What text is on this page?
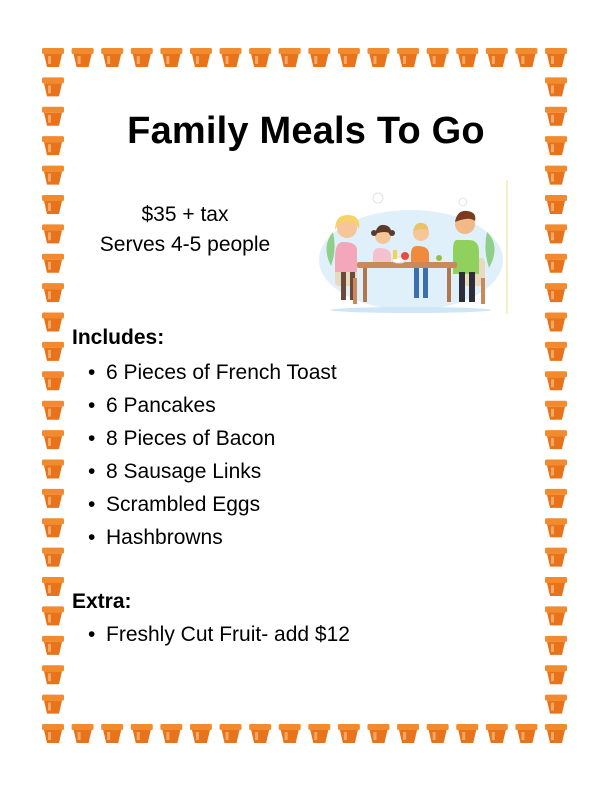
Family Meals To Go
$35 + tax
Serves 4-5 people
Includes:
• 6 Pieces of French Toast
• 6 Pancakes
• 8 Pieces of Bacon
• 8 Sausage Links
• Scrambled Eggs
• Hashbrowns
Extra:
• Freshly Cut Fruit- add $12
